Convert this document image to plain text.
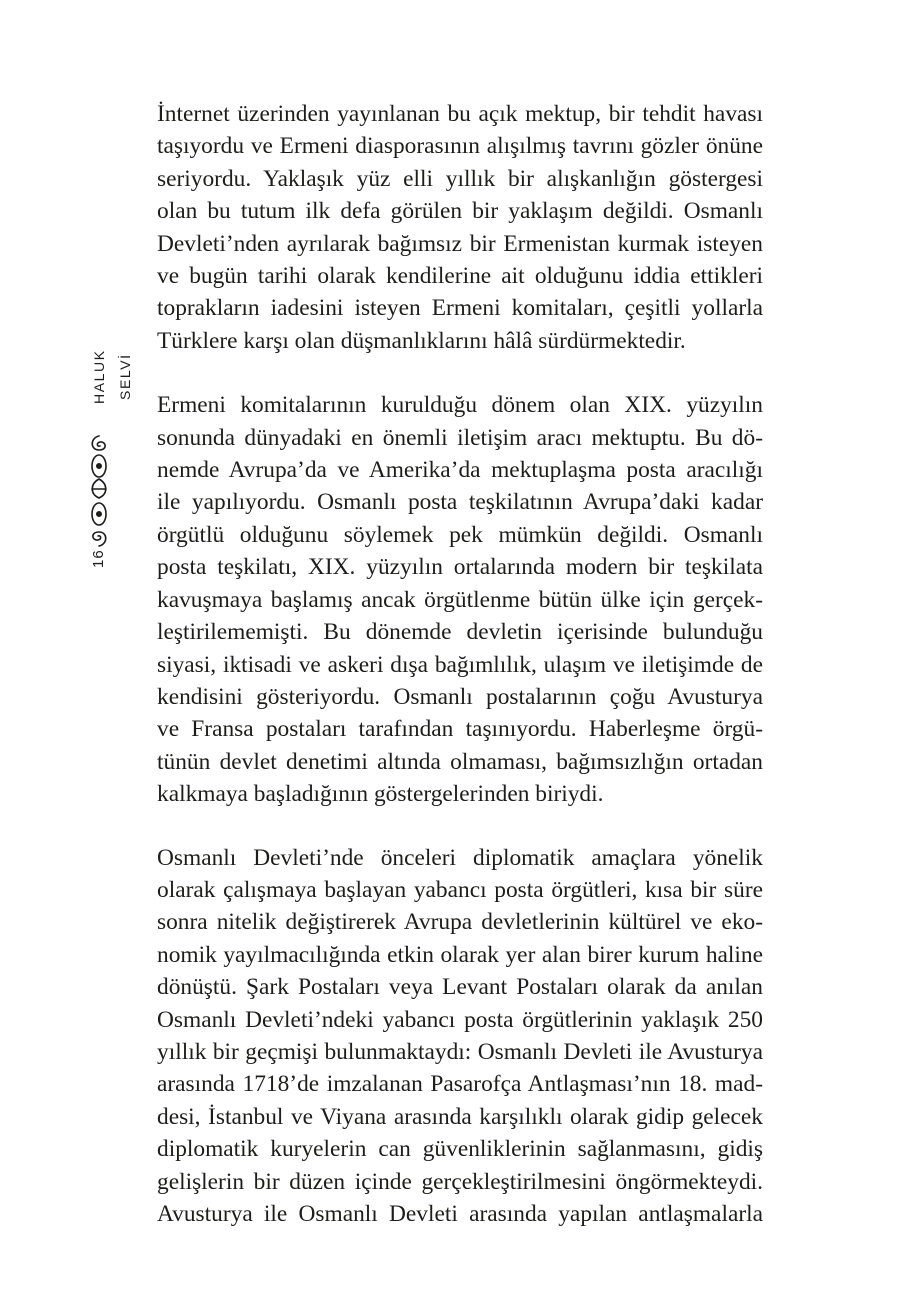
HALUK SELVİ
16

İnternet üzerinden yayınlanan bu açık mektup, bir tehdit havası
taşıyordu ve Ermeni diasporasının alışılmış tavrını gözler önüne
seriyordu. Yaklaşık yüz elli yıllık bir alışkanlığın göstergesi
olan bu tutum ilk defa görülen bir yaklaşım değildi. Osmanlı
Devleti’nden ayrılarak bağımsız bir Ermenistan kurmak isteyen
ve bugün tarihi olarak kendilerine ait olduğunu iddia ettikleri
toprakların iadesini isteyen Ermeni komitaları, çeşitli yollarla
Türklere karşı olan düşmanlıklarını hâlâ sürdürmektedir.

Ermeni komitalarının kurulduğu dönem olan XIX. yüzyılın
sonunda dünyadaki en önemli iletişim aracı mektuptu. Bu dö-
nemde Avrupa’da ve Amerika’da mektuplaşma posta aracılığı
ile yapılıyordu. Osmanlı posta teşkilatının Avrupa’daki kadar
örgütlü olduğunu söylemek pek mümkün değildi. Osmanlı
posta teşkilatı, XIX. yüzyılın ortalarında modern bir teşkilata
kavuşmaya başlamış ancak örgütlenme bütün ülke için gerçek-
leştirilememişti. Bu dönemde devletin içerisinde bulunduğu
siyasi, iktisadi ve askeri dışa bağımlılık, ulaşım ve iletişimde de
kendisini gösteriyordu. Osmanlı postalarının çoğu Avusturya
ve Fransa postaları tarafından taşınıyordu. Haberleşme örgü-
tünün devlet denetimi altında olmaması, bağımsızlığın ortadan
kalkmaya başladığının göstergelerinden biriydi.

Osmanlı Devleti’nde önceleri diplomatik amaçlara yönelik
olarak çalışmaya başlayan yabancı posta örgütleri, kısa bir süre
sonra nitelik değiştirerek Avrupa devletlerinin kültürel ve eko-
nomik yayılmacılığında etkin olarak yer alan birer kurum haline
dönüştü. Şark Postaları veya Levant Postaları olarak da anılan
Osmanlı Devleti’ndeki yabancı posta örgütlerinin yaklaşık 250
yıllık bir geçmişi bulunmaktaydı: Osmanlı Devleti ile Avusturya
arasında 1718’de imzalanan Pasarofça Antlaşması’nın 18. mad-
desi, İstanbul ve Viyana arasında karşılıklı olarak gidip gelecek
diplomatik kuryelerin can güvenliklerinin sağlanmasını, gidiş
gelişlerin bir düzen içinde gerçekleştirilmesini öngörmekteydi.
Avusturya ile Osmanlı Devleti arasında yapılan antlaşmalarla
